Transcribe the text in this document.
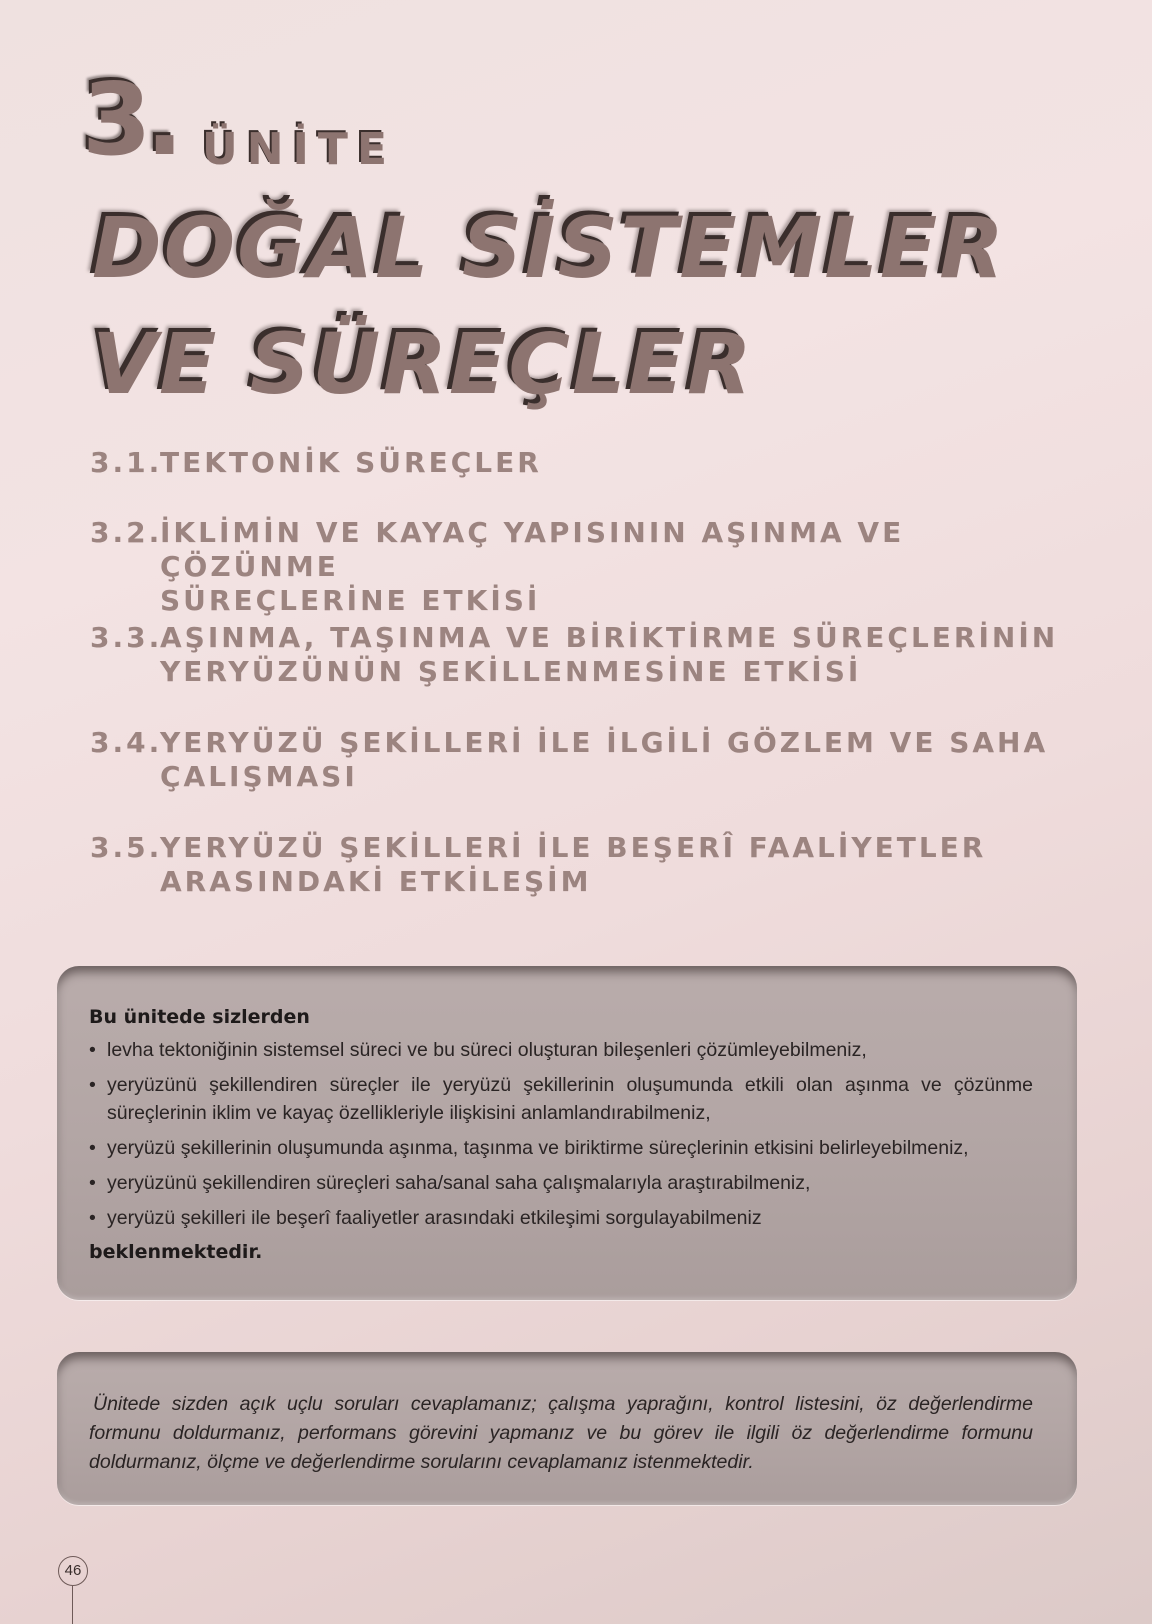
3. ÜNİTE
DOĞAL SİSTEMLER
VE SÜREÇLER
3.1.
TEKTONİK SÜREÇLER
3.2.
İKLİMİN VE KAYAÇ YAPISININ AŞINMA VE ÇÖZÜNME
SÜREÇLERİNE ETKİSİ
3.3.
AŞINMA, TAŞINMA VE BİRİKTİRME SÜREÇLERİNİN
YERYÜZÜNÜN ŞEKİLLENMESİNE ETKİSİ
3.4.
YERYÜZÜ ŞEKİLLERİ İLE İLGİLİ GÖZLEM VE SAHA
ÇALIŞMASI
3.5.
YERYÜZÜ ŞEKİLLERİ İLE BEŞERÎ FAALİYETLER
ARASINDAKİ ETKİLEŞİM
Bu ünitede sizlerden
• levha tektoniğinin sistemsel süreci ve bu süreci oluşturan bileşenleri çözümleyebilmeniz,
• yeryüzünü şekillendiren süreçler ile yeryüzü şekillerinin oluşumunda etkili olan aşınma ve çözünme süreçlerinin iklim ve kayaç özellikleriyle ilişkisini anlamlandırabilmeniz,
• yeryüzü şekillerinin oluşumunda aşınma, taşınma ve biriktirme süreçlerinin etkisini belirleyebilmeniz,
• yeryüzünü şekillendiren süreçleri saha/sanal saha çalışmalarıyla araştırabilmeniz,
• yeryüzü şekilleri ile beşerî faaliyetler arasındaki etkileşimi sorgulayabilmeniz
beklenmektedir.
Ünitede sizden açık uçlu soruları cevaplamanız; çalışma yaprağını, kontrol listesini, öz değerlendirme formunu doldurmanız, performans görevini yapmanız ve bu görev ile ilgili öz değerlendirme formunu doldurmanız, ölçme ve değerlendirme sorularını cevaplamanız istenmektedir.
46
